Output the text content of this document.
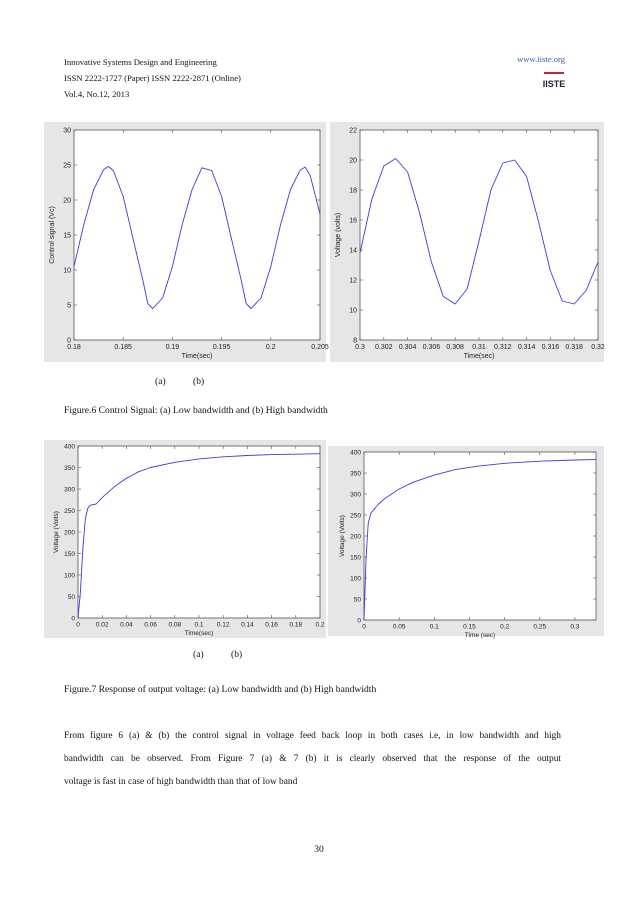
Innovative Systems Design and Engineering
ISSN 2222-1727 (Paper) ISSN 2222-2871 (Online)
Vol.4, No.12, 2013
www.iiste.org
IISTE
0
5
10
15
20
25
30
0.18	0.185	0.19	0.195	0.2	0.205
Time(sec)
Control signal (Vc)
8
10
12
14
16
18
20
22
0.3 0.302 0.304 0.306 0.308 0.31 0.312 0.314 0.316 0.318 0.32
Time(sec)
Voltage (volts)
(a)	(b)
Figure.6 Control Signal: (a) Low bandwidth and (b) High bandwidth
0
50
100
150
200
250
300
350
400
0 0.02 0.04 0.06 0.08 0.1 0.12 0.14 0.16 0.18 0.2
Time(sec)
Voltage (Volts)
0
50
100
150
200
250
300
350
400
0	0.05	0.1	0.15	0.2	0.25	0.3
Time (sec)
Voltage (Volts)
(a)	(b)
Figure.7 Response of output voltage: (a) Low bandwidth and (b) High bandwidth
From figure 6 (a) & (b) the control signal in voltage feed back loop in both cases i.e, in low bandwidth and high
bandwidth can be observed. From Figure 7 (a) & 7 (b) it is clearly observed that the response of the output
voltage is fast in case of high bandwidth than that of low band
30
